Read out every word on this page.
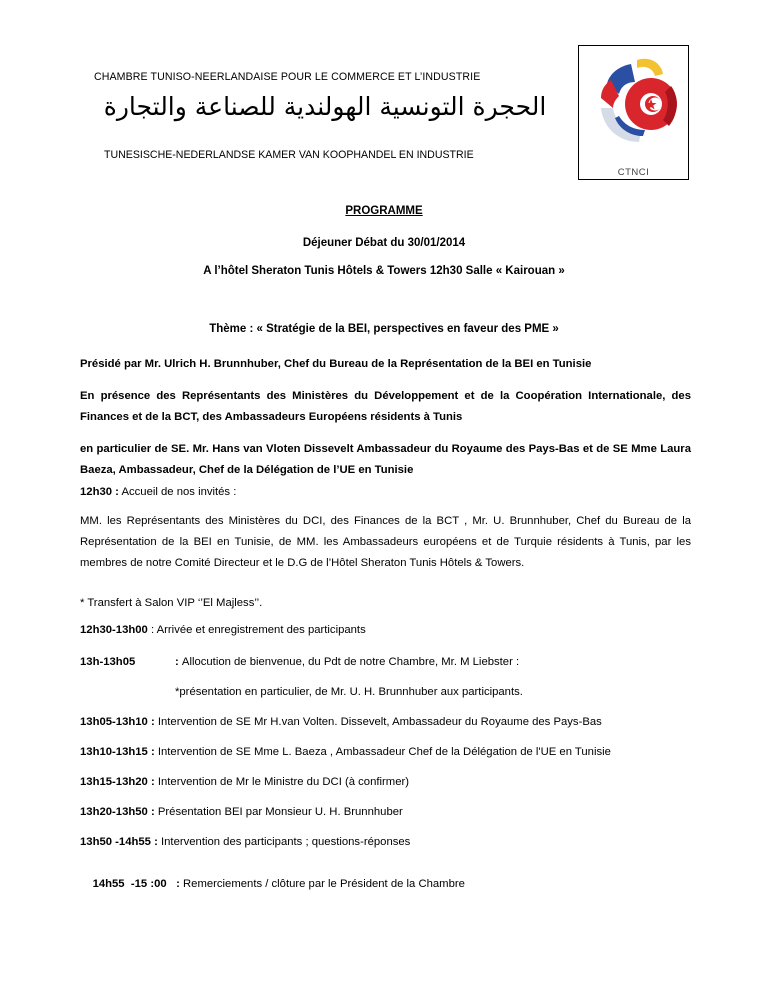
CHAMBRE TUNISO-NEERLANDAISE POUR LE COMMERCE ET L’INDUSTRIE
الحجرة التونسية الهولندية للصناعة والتجارة
TUNESISCHE-NEDERLANDSE KAMER VAN KOOPHANDEL EN INDUSTRIE
CTNCI
PROGRAMME
Déjeuner Débat du 30/01/2014
A l’hôtel Sheraton Tunis Hôtels & Towers 12h30 Salle « Kairouan »
Thème : « Stratégie de la BEI, perspectives en faveur des PME »
Présidé par Mr. Ulrich H. Brunnhuber, Chef du Bureau de la Représentation de la BEI en Tunisie
En présence des Représentants des Ministères du Développement et de la Coopération Internationale, des Finances et de la BCT, des Ambassadeurs Européens résidents à Tunis
en particulier de SE. Mr. Hans van Vloten Dissevelt Ambassadeur du Royaume des Pays-Bas et de SE Mme Laura Baeza, Ambassadeur, Chef de la Délégation de l’UE en Tunisie
12h30 : Accueil de nos invités :
MM. les Représentants des Ministères du DCI, des Finances de la BCT , Mr. U. Brunnhuber, Chef du Bureau de la Représentation de la BEI en Tunisie, de MM. les Ambassadeurs européens et de Turquie résidents à Tunis, par les membres de notre Comité Directeur et le D.G de l’Hôtel Sheraton Tunis Hôtels & Towers.
* Transfert à Salon VIP ‘’El Majless’’.
12h30-13h00 : Arrivée et enregistrement des participants
13h-13h05	: Allocution de bienvenue, du Pdt de notre Chambre, Mr. M Liebster :
*présentation en particulier, de Mr. U. H. Brunnhuber aux participants.
13h05-13h10 : Intervention de SE Mr H.van Volten. Dissevelt, Ambassadeur du Royaume des Pays-Bas
13h10-13h15 : Intervention de SE Mme L. Baeza , Ambassadeur Chef de la Délégation de l'UE en Tunisie
13h15-13h20 : Intervention de Mr le Ministre du DCI (à confirmer)
13h20-13h50 : Présentation BEI par Monsieur U. H. Brunnhuber
13h50 -14h55 : Intervention des participants ; questions-réponses

14h55  -15 :00   : Remerciements / clôture par le Président de la Chambre
